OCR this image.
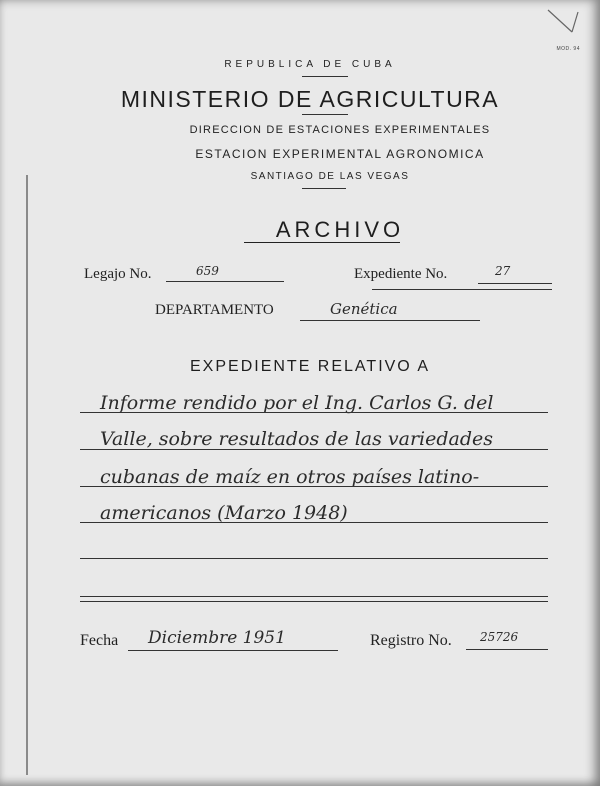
MOD. 94
REPUBLICA DE CUBA
MINISTERIO DE AGRICULTURA
DIRECCION DE ESTACIONES EXPERIMENTALES
ESTACION EXPERIMENTAL AGRONOMICA
SANTIAGO DE LAS VEGAS
ARCHIVO
Legajo No.	659	Expediente No.	27
DEPARTAMENTO	Genética
EXPEDIENTE RELATIVO A
Informe rendido por el Ing. Carlos G. del
Valle, sobre resultados de las variedades
cubanas de maíz en otros países latino-
americanos (Marzo 1948)
Fecha Diciembre 1951	Registro No. 25726
